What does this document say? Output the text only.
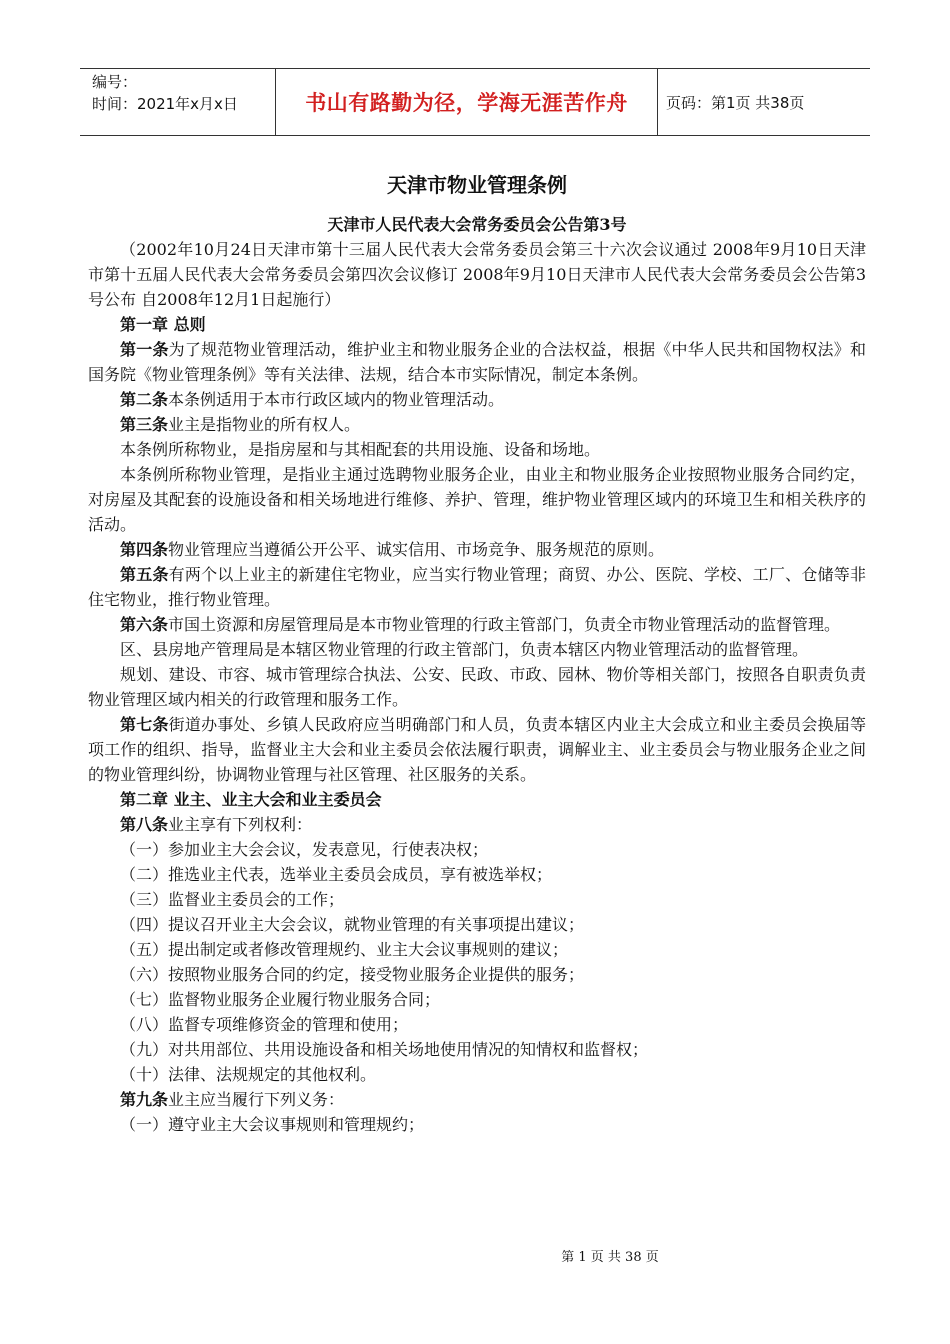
编号：
时间：2021年x月x日	书山有路勤为径，学海无涯苦作舟	页码：第1页 共38页
天津市物业管理条例
天津市人民代表大会常务委员会公告第3号

（2002年10月24日天津市第十三届人民代表大会常务委员会第三十六次会议通过 2008年9月10日天津市第十五届人民代表大会常务委员会第四次会议修订 2008年9月10日天津市人民代表大会常务委员会公告第3号公布 自2008年12月1日起施行）

第一章 总则

第一条为了规范物业管理活动，维护业主和物业服务企业的合法权益，根据《中华人民共和国物权法》和国务院《物业管理条例》等有关法律、法规，结合本市实际情况，制定本条例。

第二条本条例适用于本市行政区域内的物业管理活动。

第三条业主是指物业的所有权人。

本条例所称物业，是指房屋和与其相配套的共用设施、设备和场地。

本条例所称物业管理，是指业主通过选聘物业服务企业，由业主和物业服务企业按照物业服务合同约定，对房屋及其配套的设施设备和相关场地进行维修、养护、管理，维护物业管理区域内的环境卫生和相关秩序的活动。

第四条物业管理应当遵循公开公平、诚实信用、市场竞争、服务规范的原则。

第五条有两个以上业主的新建住宅物业，应当实行物业管理；商贸、办公、医院、学校、工厂、仓储等非住宅物业，推行物业管理。

第六条市国土资源和房屋管理局是本市物业管理的行政主管部门，负责全市物业管理活动的监督管理。

区、县房地产管理局是本辖区物业管理的行政主管部门，负责本辖区内物业管理活动的监督管理。

规划、建设、市容、城市管理综合执法、公安、民政、市政、园林、物价等相关部门，按照各自职责负责物业管理区域内相关的行政管理和服务工作。

第七条街道办事处、乡镇人民政府应当明确部门和人员，负责本辖区内业主大会成立和业主委员会换届等项工作的组织、指导，监督业主大会和业主委员会依法履行职责，调解业主、业主委员会与物业服务企业之间的物业管理纠纷，协调物业管理与社区管理、社区服务的关系。

第二章 业主、业主大会和业主委员会

第八条业主享有下列权利：

（一）参加业主大会会议，发表意见，行使表决权；
（二）推选业主代表，选举业主委员会成员，享有被选举权；
（三）监督业主委员会的工作；
（四）提议召开业主大会会议，就物业管理的有关事项提出建议；
（五）提出制定或者修改管理规约、业主大会议事规则的建议；
（六）按照物业服务合同的约定，接受物业服务企业提供的服务；
（七）监督物业服务企业履行物业服务合同；
（八）监督专项维修资金的管理和使用；
（九）对共用部位、共用设施设备和相关场地使用情况的知情权和监督权；
（十）法律、法规规定的其他权利。

第九条业主应当履行下列义务：

（一）遵守业主大会议事规则和管理规约；
第 1 页 共 38 页
